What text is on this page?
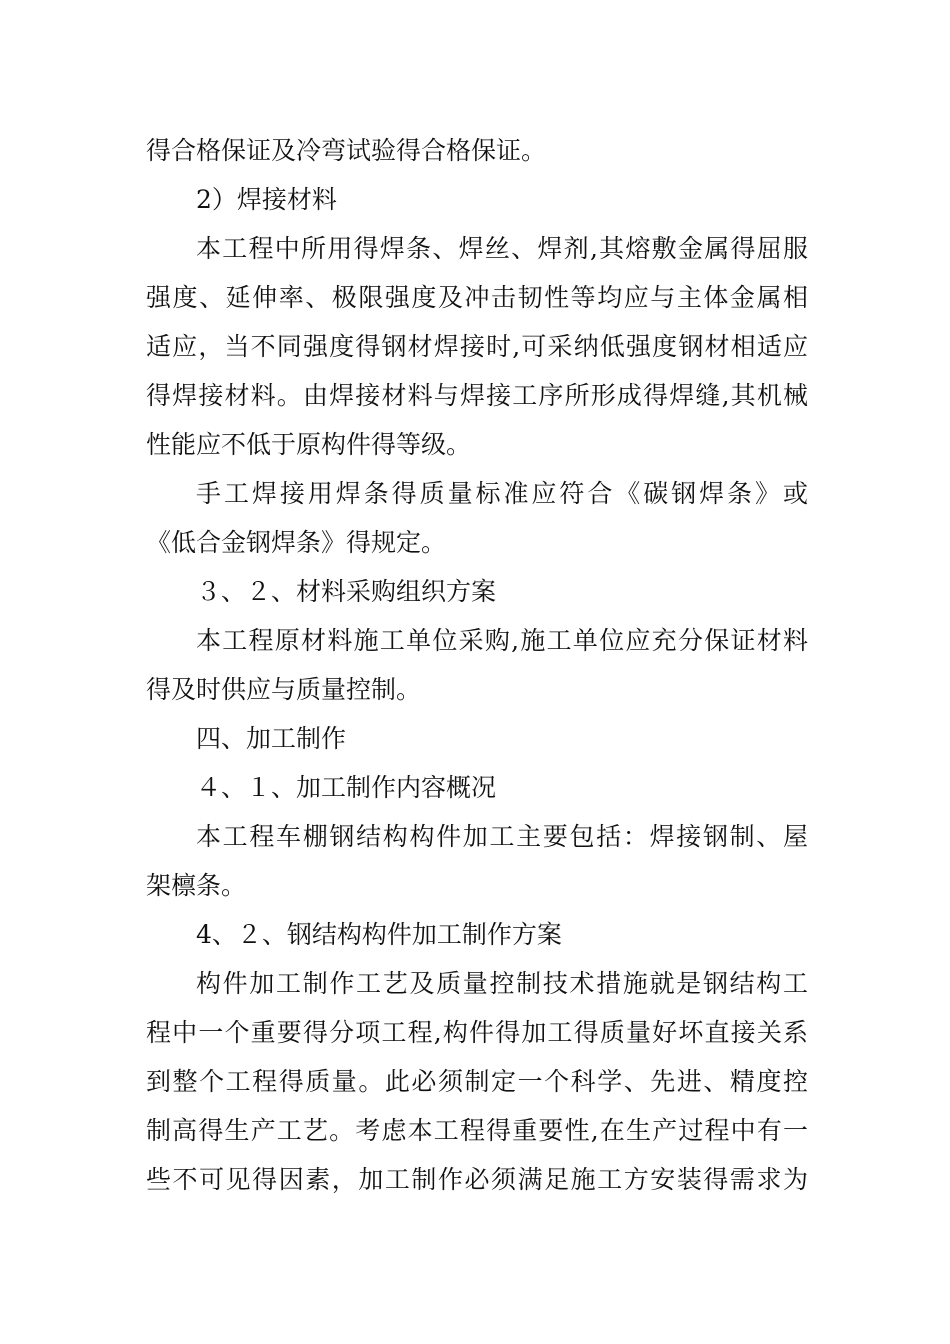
得合格保证及冷弯试验得合格保证。
2）焊接材料
本工程中所用得焊条、焊丝、焊剂,其熔敷金属得屈服
强度、延伸率、极限强度及冲击韧性等均应与主体金属相
适应，当不同强度得钢材焊接时,可采纳低强度钢材相适应
得焊接材料。由焊接材料与焊接工序所形成得焊缝,其机械
性能应不低于原构件得等级。
手工焊接用焊条得质量标准应符合《碳钢焊条》或
《低合金钢焊条》得规定。
３、２、材料采购组织方案
本工程原材料施工单位采购,施工单位应充分保证材料
得及时供应与质量控制。
四、加工制作
４、１、加工制作内容概况
本工程车棚钢结构构件加工主要包括：焊接钢制、屋
架檩条。
4、２、钢结构构件加工制作方案
构件加工制作工艺及质量控制技术措施就是钢结构工
程中一个重要得分项工程,构件得加工得质量好坏直接关系
到整个工程得质量。此必须制定一个科学、先进、精度控
制高得生产工艺。考虑本工程得重要性,在生产过程中有一
些不可见得因素，加工制作必须满足施工方安装得需求为
